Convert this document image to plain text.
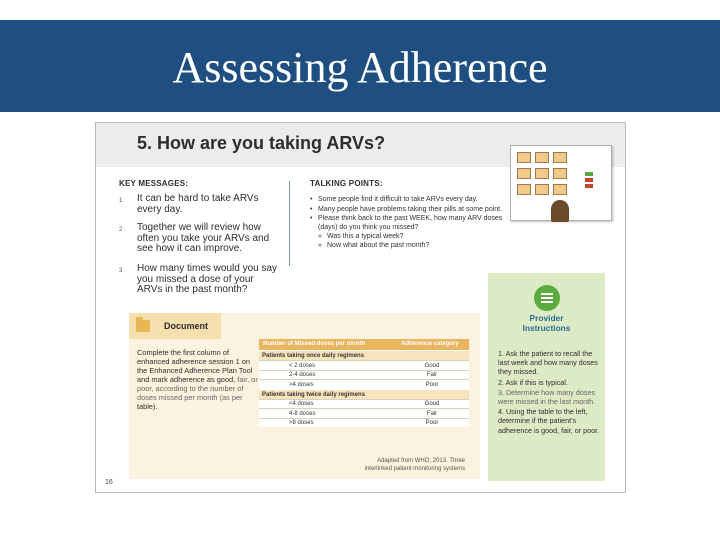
Assessing Adherence
5. How are you taking ARVs?
KEY MESSAGES:
1 It can be hard to take ARVs every day.
2 Together we will review how often you take your ARVs and see how it can improve.
3 How many times would you say you missed a dose of your ARVs in the past month?
TALKING POINTS:
• Some people find it difficult to take ARVs every day.
• Many people have problems taking their pills at some point.
• Please think back to the past WEEK, how many ARV doses (days) do you think you missed?
» Was this a typical week?
» Now what about the past month?
Document
Complete the first column of enhanced adherence session 1 on the Enhanced Adherence Plan Tool and mark adherence as good, fair, or poor, according to the number of doses missed per month (as per table).
Number of Missed doses per month	Adherence category
Patients taking once daily regimens
< 2 doses	Good
2-4 doses	Fair
>4 doses	Poor
Patients taking twice daily regimens
<4 doses	Good
4-8 doses	Fair
>8 doses	Poor
Adapted from WHO, 2013. Three
interlinked patient monitoring systems
Provider
Instructions
1. Ask the patient to recall the last week and how many doses they missed.
2. Ask if this is typical.
3. Determine how many doses were missed in the last month.
4. Using the table to the left, determine if the patient's adherence is good, fair, or poor.
16
